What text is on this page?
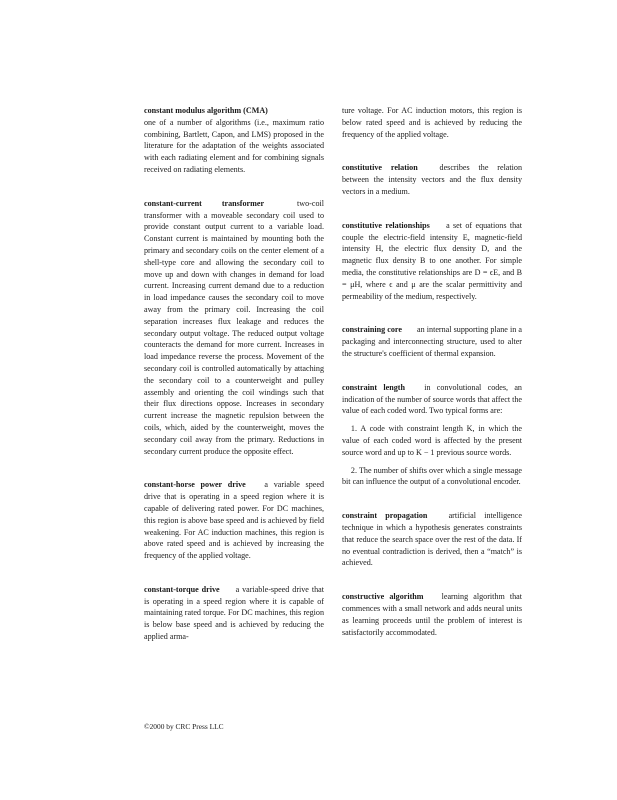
constant modulus algorithm (CMA)
one of a number of algorithms (i.e., maximum ratio combining, Bartlett, Capon, and LMS) proposed in the literature for the adaptation of the weights associated with each radiating element and for combining signals received on radiating elements.
constant-current transformer	two-coil transformer with a moveable secondary coil used to provide constant output current to a variable load. Constant current is maintained by mounting both the primary and secondary coils on the center element of a shell-type core and allowing the secondary coil to move up and down with changes in demand for load current. Increasing current demand due to a reduction in load impedance causes the secondary coil to move away from the primary coil. Increasing the coil separation increases flux leakage and reduces the secondary output voltage. The reduced output voltage counteracts the demand for more current. Increases in load impedance reverse the process. Movement of the secondary coil is controlled automatically by attaching the secondary coil to a counterweight and pulley assembly and orienting the coil windings such that their flux directions oppose. Increases in secondary current increase the magnetic repulsion between the coils, which, aided by the counterweight, moves the secondary coil away from the primary. Reductions in secondary current produce the opposite effect.
constant-horse power drive a variable speed drive that is operating in a speed region where it is capable of delivering rated power. For DC machines, this region is above base speed and is achieved by field weakening. For AC induction machines, this region is above rated speed and is achieved by increasing the frequency of the applied voltage.
constant-torque drive a variable-speed drive that is operating in a speed region where it is capable of maintaining rated torque. For DC machines, this region is below base speed and is achieved by reducing the applied arma-
ture voltage. For AC induction motors, this region is below rated speed and is achieved by reducing the frequency of the applied voltage.
constitutive relation	describes the relation between the intensity vectors and the flux density vectors in a medium.
constitutive relationships a set of equations that couple the electric-field intensity E, magnetic-field intensity H, the electric flux density D, and the magnetic flux density B to one another. For simple media, the constitutive relationships are D = ϵE, and B = μH, where ϵ and μ are the scalar permittivity and permeability of the medium, respectively.
constraining core an internal supporting plane in a packaging and interconnecting structure, used to alter the structure's coefficient of thermal expansion.

constraint length in convolutional codes, an indication of the number of source words that affect the value of each coded word. Two typical forms are:

1. A code with constraint length K, in which the value of each coded word is affected by the present source word and up to K − 1 previous source words.

2. The number of shifts over which a single message bit can influence the output of a convolutional encoder.

constraint propagation	artificial intelligence technique in which a hypothesis generates constraints that reduce the search space over the rest of the data. If no eventual contradiction is derived, then a “match” is achieved.
constructive algorithm learning algorithm that commences with a small network and adds neural units as learning proceeds until the problem of interest is satisfactorily accommodated.
©2000 by CRC Press LLC
